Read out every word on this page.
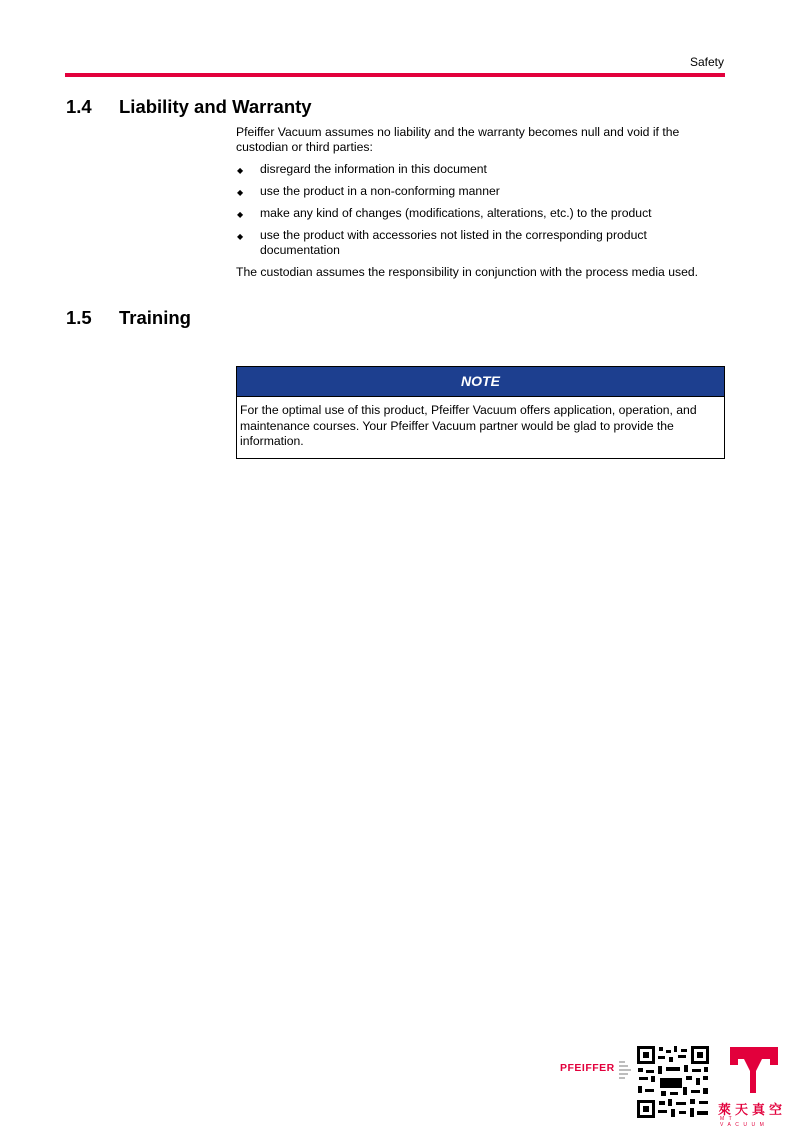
Safety
1.4 Liability and Warranty
Pfeiffer Vacuum assumes no liability and the warranty becomes null and void if the custodian or third parties:
◆ disregard the information in this document
◆ use the product in a non-conforming manner
◆ make any kind of changes (modifications, alterations, etc.) to the product
◆ use the product with accessories not listed in the corresponding product documentation
The custodian assumes the responsibility in conjunction with the process media used.
1.5 Training
NOTE
For the optimal use of this product, Pfeiffer Vacuum offers application, operation, and maintenance courses. Your Pfeiffer Vacuum partner would be glad to provide the information.
PFEIFFER
萊天真空
MT VACUUM
